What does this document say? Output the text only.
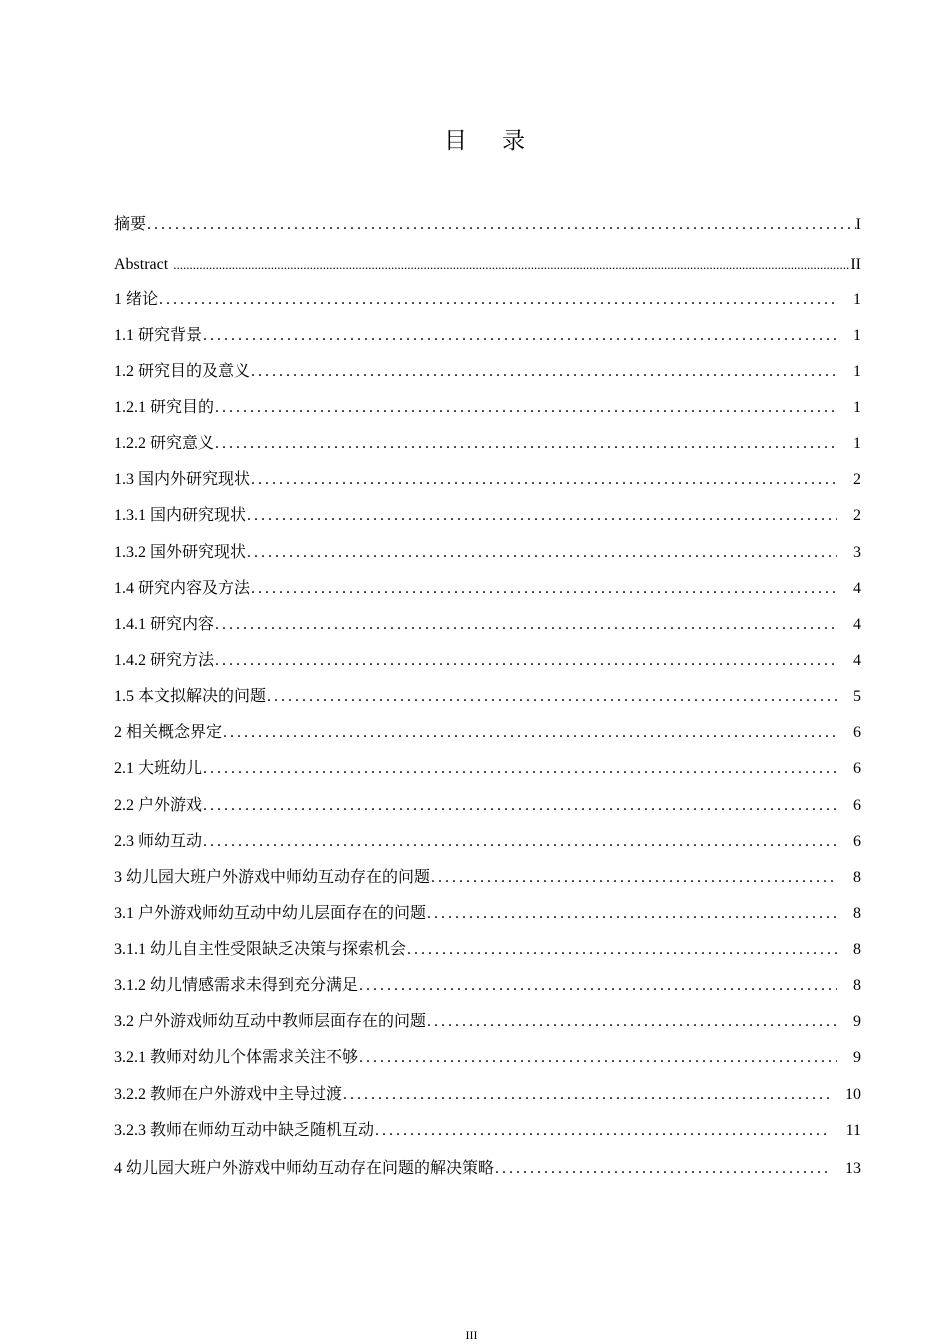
目　录
摘要 .....	I
Abstract .....	II
1 绪论 .....	1
1.1 研究背景 .....	1
1.2 研究目的及意义 .....	1
1.2.1 研究目的 .....	1
1.2.2 研究意义 .....	1
1.3 国内外研究现状 .....	2
1.3.1 国内研究现状 .....	2
1.3.2 国外研究现状 .....	3
1.4 研究内容及方法 .....	4
1.4.1 研究内容 .....	4
1.4.2 研究方法 .....	4
1.5 本文拟解决的问题 .....	5
2 相关概念界定 .....	6
2.1 大班幼儿 .....	6
2.2 户外游戏 .....	6
2.3 师幼互动 .....	6
3 幼儿园大班户外游戏中师幼互动存在的问题 .....	8
3.1 户外游戏师幼互动中幼儿层面存在的问题 .....	8
3.1.1 幼儿自主性受限缺乏决策与探索机会 .....	8
3.1.2 幼儿情感需求未得到充分满足 .....	8
3.2 户外游戏师幼互动中教师层面存在的问题 .....	9
3.2.1 教师对幼儿个体需求关注不够 .....	9
3.2.2 教师在户外游戏中主导过渡 .....	10
3.2.3 教师在师幼互动中缺乏随机互动 .....	11
4 幼儿园大班户外游戏中师幼互动存在问题的解决策略 .....	13
III
